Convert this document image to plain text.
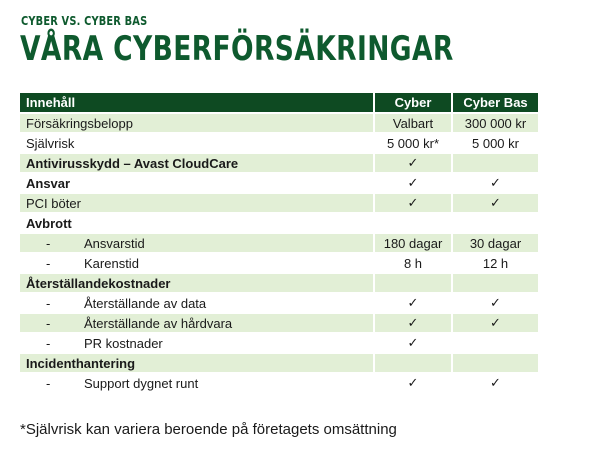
CYBER VS. CYBER BAS
VÅRA CYBERFÖRSÄKRINGAR
Innehåll	Cyber	Cyber Bas
Försäkringsbelopp	Valbart	300 000 kr
Självrisk	5 000 kr*	5 000 kr
Antivirusskydd – Avast CloudCare	✓	
Ansvar	✓	✓
PCI böter	✓	✓
Avbrott		
- Ansvarstid	180 dagar	30 dagar
- Karenstid	8 h	12 h
Återställandekostnader		
- Återställande av data	✓	✓
- Återställande av hårdvara	✓	✓
- PR kostnader	✓	
Incidenthantering		
- Support dygnet runt	✓	✓
*Självrisk kan variera beroende på företagets omsättning
